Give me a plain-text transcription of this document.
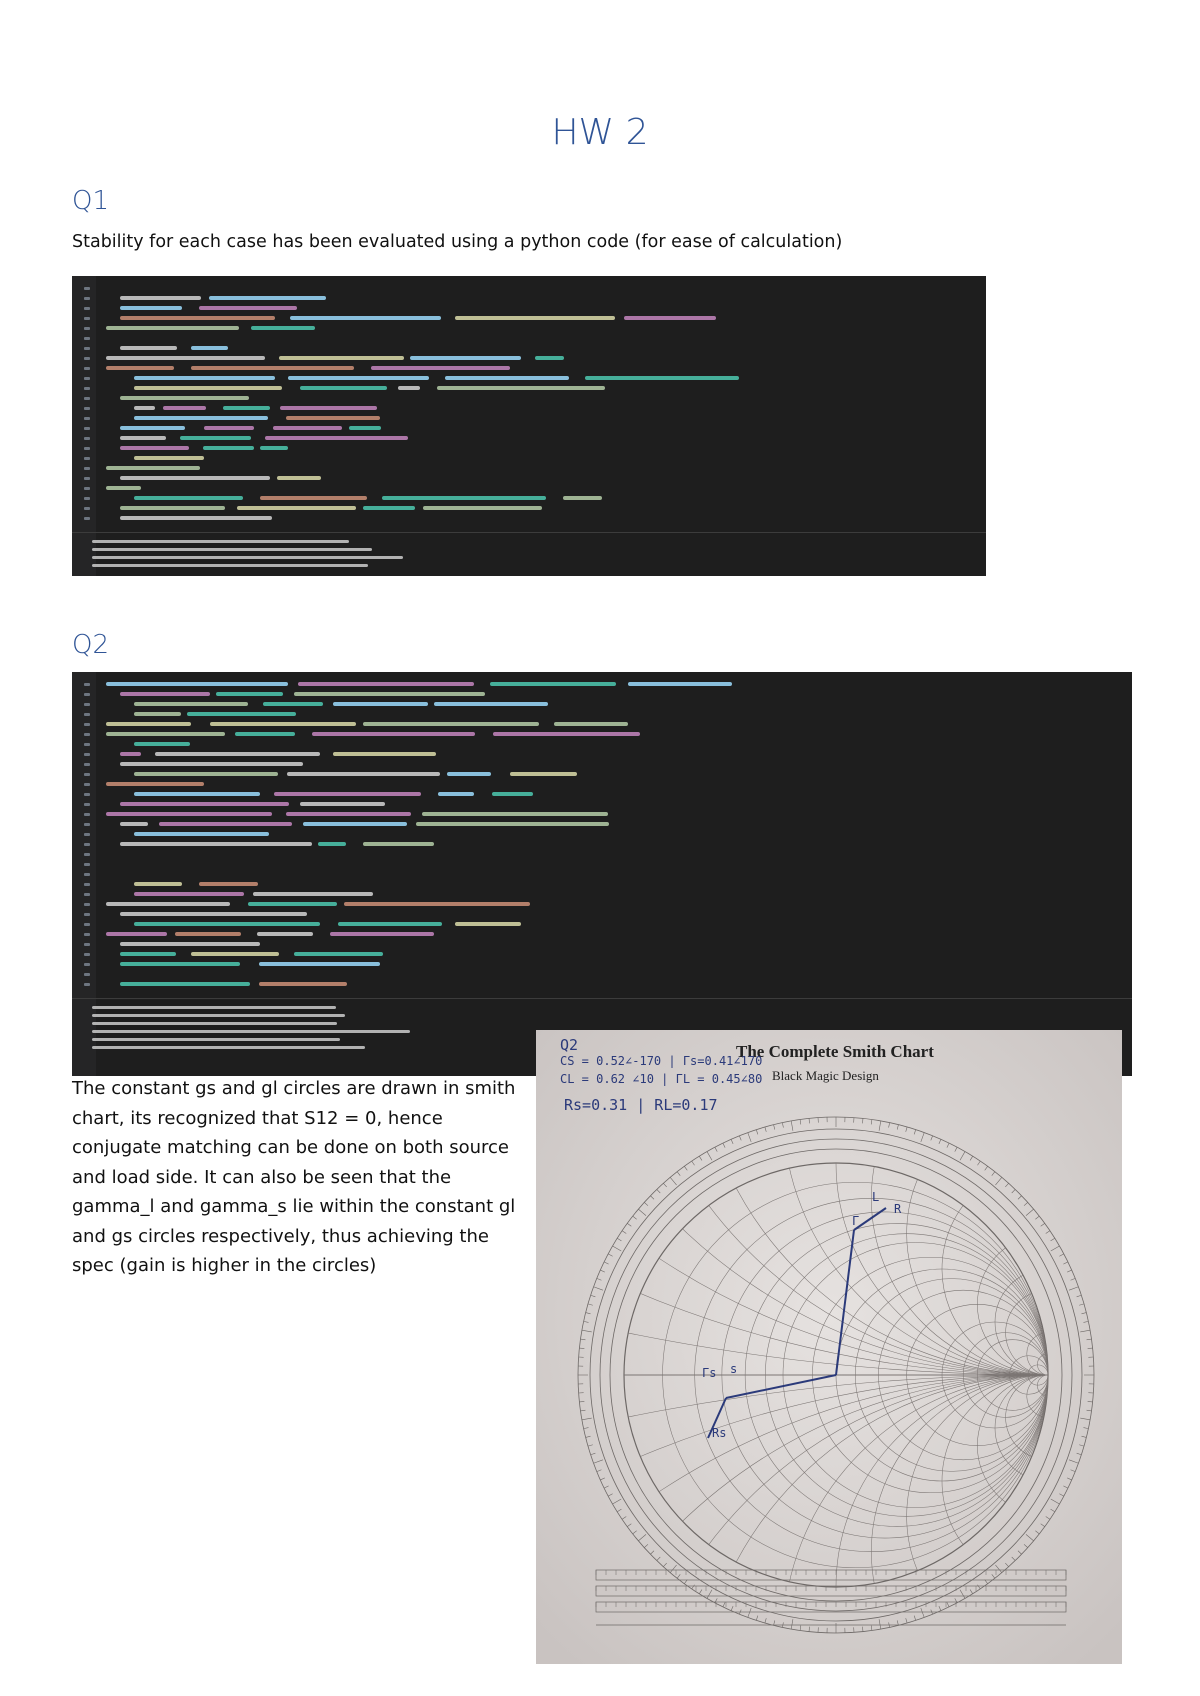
HW 2
Q1
Stability for each case has been evaluated using a python code (for ease of calculation)
Q2
The constant gs and gl circles are drawn in smith
chart, its recognized that S12 = 0, hence
conjugate matching can be done on both source
and load side. It can also be seen that the
gamma_l and gamma_s lie within the constant gl
and gs circles respectively, thus achieving the
spec (gain is higher in the circles)
The Complete Smith Chart
Black Magic Design
Q2
CS = 0.52∠-170 | Γs=0.41∠170
CL = 0.62 ∠10 | ΓL = 0.45∠80
Rs=0.31 | RL=0.17
Γs s
Rs
L
Γ
R
